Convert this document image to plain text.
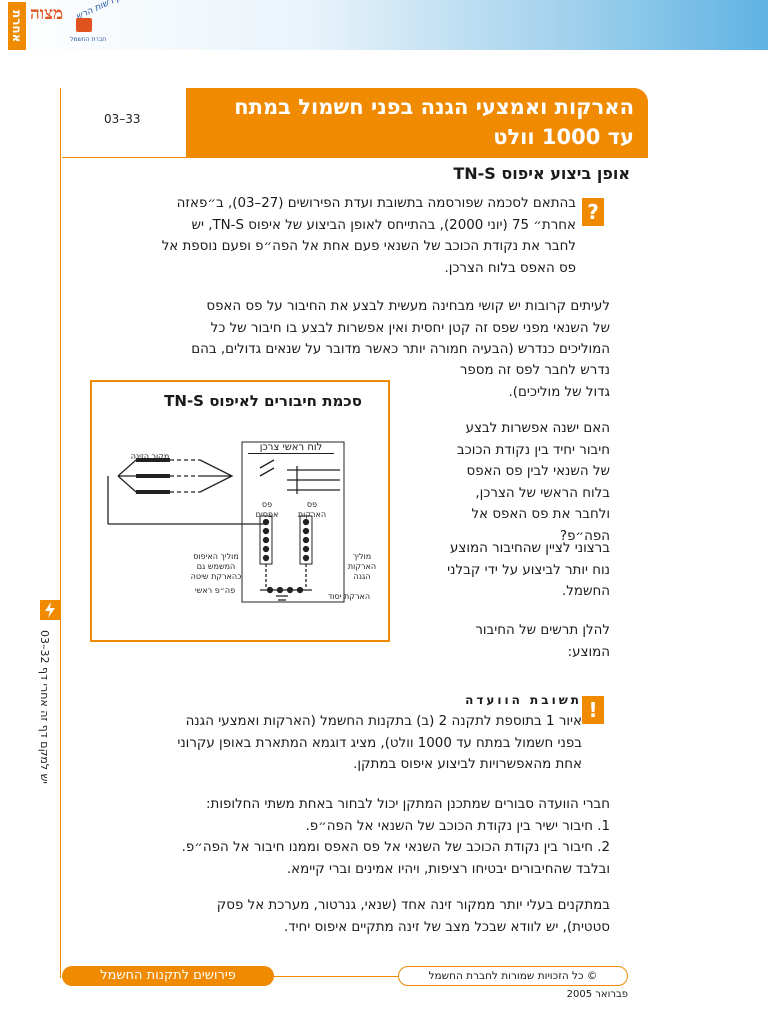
אחרת מצוה
חברת החשמל
הארקות ואמצעי הגנה בפני חשמול במתח
עד 1000 וולט
03–33
אופן ביצוע איפוס TN-S
?
בהתאם לסכמה שפורסמה בתשובת ועדת הפירושים (27–03), ב״פאזה
אחרת״ 75 (יוני 2000), בהתייחס לאופן הביצוע של איפוס TN-S, יש
לחבר את נקודת הכוכב של השנאי פעם אחת אל הפה״פ ופעם נוספת אל
פס האפס בלוח הצרכן.
לעיתים קרובות יש קושי מבחינה מעשית לבצע את החיבור על פס האפס
של השנאי מפני שפס זה קטן יחסית ואין אפשרות לבצע בו חיבור של כל
המוליכים כנדרש (הבעיה חמורה יותר כאשר מדובר על שנאים גדולים, בהם
נדרש לחבר לפס זה מספר
גדול של מוליכים).
האם ישנה אפשרות לבצע
חיבור יחיד בין נקודת הכוכב
של השנאי לבין פס האפס
בלוח הראשי של הצרכן,
ולחבר את פס האפס אל
הפה״פ?
ברצוני לציין שהחיבור המוצע
נוח יותר לביצוע על ידי קבלני
החשמל.
להלן תרשים של החיבור
המוצע:
סכמת חיבורים לאיפוס TN-S
מקור הזינה
לוח ראשי צרכן
פס אפסים
פס הארקות
מוליך האיפוס המשמש גם כהארקת שיטה
מוליך הארקות הגנה
פה״פ ראשי
הארקת יסוד
תשובת הוועדה !
איור 1 בתוספת לתקנה 2 (ב) בתקנות החשמל (הארקות ואמצעי הגנה
בפני חשמול במתח עד 1000 וולט), מציג דוגמא המתארת באופן עקרוני
אחת מהאפשרויות לביצוע איפוס במתקן.
חברי הוועדה סבורים שמתכנן המתקן יכול לבחור באחת משתי החלופות:
1. חיבור ישיר בין נקודת הכוכב של השנאי אל הפה״פ.
2. חיבור בין נקודת הכוכב של השנאי אל פס האפס וממנו חיבור אל הפה״פ.
ובלבד שהחיבורים יבטיחו רציפות, ויהיו אמינים וברי קיימא.
במתקנים בעלי יותר ממקור זינה אחד (שנאי, גנרטור, מערכת אל פסק
סטטית), יש לוודא שבכל מצב של זינה מתקיים איפוס יחיד.
יש למקם דף זה אחרי דף 32–03
פירושים לתקנות החשמל	© כל הזכויות שמורות לחברת החשמל
פברואר 2005
